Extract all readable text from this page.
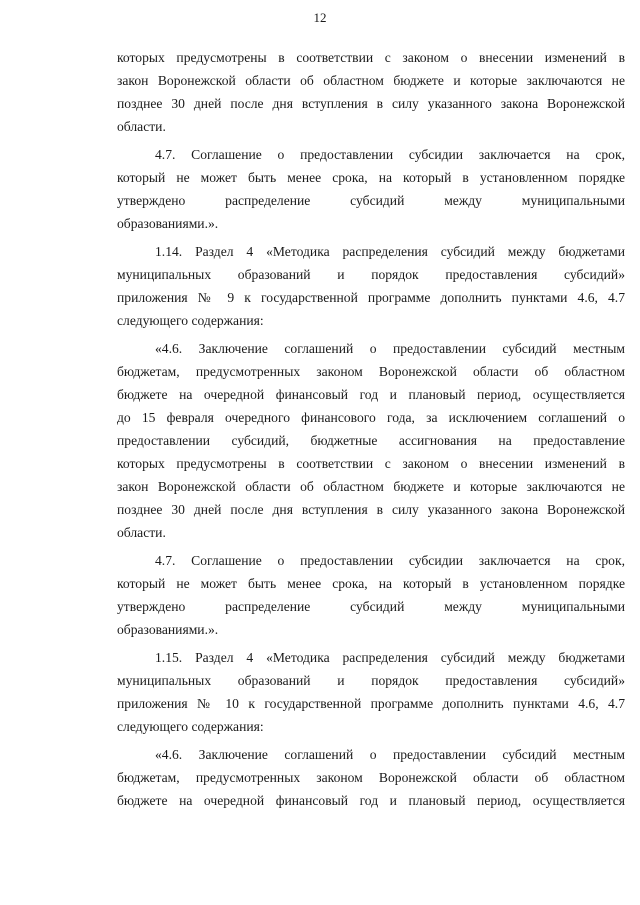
12
которых предусмотрены в соответствии с законом о внесении изменений в
закон Воронежской области об областном бюджете и которые заключаются не
позднее 30 дней после дня вступления в силу указанного закона Воронежской
области.
4.7. Соглашение о предоставлении субсидии заключается на срок,
который не может быть менее срока, на который в установленном порядке
утверждено распределение субсидий между муниципальными
образованиями.».
1.14. Раздел 4 «Методика распределения субсидий между бюджетами
муниципальных образований и порядок предоставления субсидий»
приложения № 9 к государственной программе дополнить пунктами 4.6, 4.7
следующего содержания:
«4.6. Заключение соглашений о предоставлении субсидий местным
бюджетам, предусмотренных законом Воронежской области об областном
бюджете на очередной финансовый год и плановый период, осуществляется
до 15 февраля очередного финансового года, за исключением соглашений о
предоставлении субсидий, бюджетные ассигнования на предоставление
которых предусмотрены в соответствии с законом о внесении изменений в
закон Воронежской области об областном бюджете и которые заключаются не
позднее 30 дней после дня вступления в силу указанного закона Воронежской
области.
4.7. Соглашение о предоставлении субсидии заключается на срок,
который не может быть менее срока, на который в установленном порядке
утверждено распределение субсидий между муниципальными
образованиями.».
1.15. Раздел 4 «Методика распределения субсидий между бюджетами
муниципальных образований и порядок предоставления субсидий»
приложения № 10 к государственной программе дополнить пунктами 4.6, 4.7
следующего содержания:
«4.6. Заключение соглашений о предоставлении субсидий местным
бюджетам, предусмотренных законом Воронежской области об областном
бюджете на очередной финансовый год и плановый период, осуществляется
